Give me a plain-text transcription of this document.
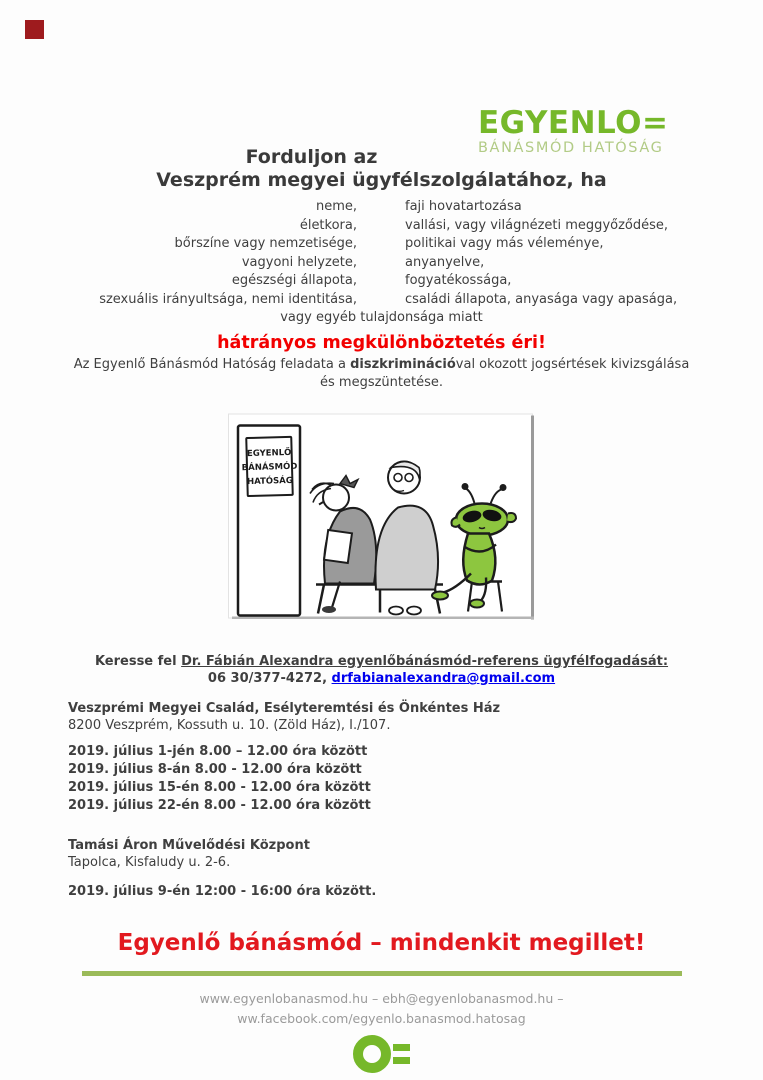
EGYENLO=
BÁNÁSMÓD HATÓSÁG
Forduljon az
Veszprém megyei ügyfélszolgálatához, ha
neme,	faji hovatartozása
életkora,	vallási, vagy világnézeti meggyőződése,
bőrszíne vagy nemzetisége,	politikai vagy más véleménye,
vagyoni helyzete,	anyanyelve,
egészségi állapota,	fogyatékossága,
szexuális irányultsága, nemi identitása,	családi állapota, anyasága vagy apasága,
vagy egyéb tulajdonsága miatt
hátrányos megkülönböztetés éri!
Az Egyenlő Bánásmód Hatóság feladata a diszkriminációval okozott jogsértések kivizsgálása
és megszüntetése.
EGYENLŐ
BÁNÁSMÓD
HATÓSÁG
Keresse fel Dr. Fábián Alexandra egyenlőbánásmód-referens ügyfélfogadását:
06 30/377-4272, drfabianalexandra@gmail.com
Veszprémi Megyei Család, Esélyteremtési és Önkéntes Ház
8200 Veszprém, Kossuth u. 10. (Zöld Ház), I./107.
2019. július 1-jén 8.00 – 12.00 óra között
2019. július 8-án 8.00 - 12.00 óra között
2019. július 15-én 8.00 - 12.00 óra között
2019. július 22-én 8.00 - 12.00 óra között
Tamási Áron Művelődési Központ
Tapolca, Kisfaludy u. 2-6.
2019. július 9-én 12:00 - 16:00 óra között.
Egyenlő bánásmód – mindenkit megillet!
www.egyenlobanasmod.hu – ebh@egyenlobanasmod.hu –
ww.facebook.com/egyenlo.banasmod.hatosag
